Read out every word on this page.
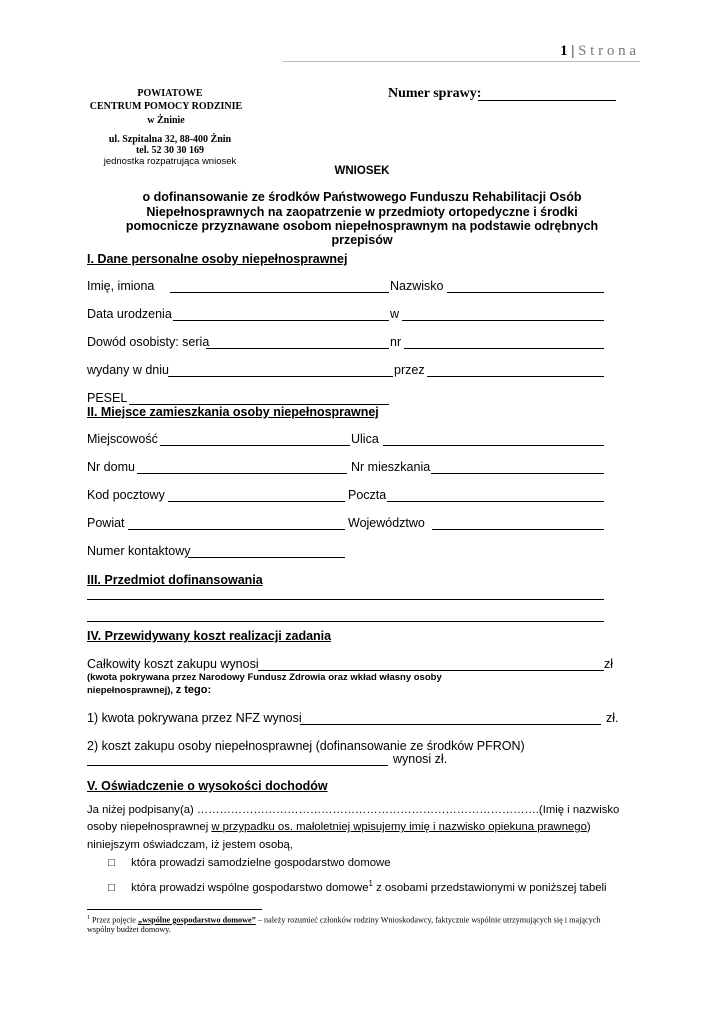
1 | S t r o n a
POWIATOWE
CENTRUM POMOCY RODZINIE
w Żninie
ul. Szpitalna 32, 88-400 Żnin
tel. 52 30 30 169
jednostka rozpatrująca wniosek
Numer sprawy:
WNIOSEK
o dofinansowanie ze środków Państwowego Funduszu Rehabilitacji Osób
Niepełnosprawnych na zaopatrzenie w przedmioty ortopedyczne i środki
pomocnicze przyznawane osobom niepełnosprawnym na podstawie odrębnych
przepisów
I. Dane personalne osoby niepełnosprawnej
Imię, imiona	Nazwisko
Data urodzenia	w
Dowód osobisty: seria	nr
wydany w dniu	przez
PESEL
II. Miejsce zamieszkania osoby niepełnosprawnej
Miejscowość	Ulica
Nr domu	Nr mieszkania
Kod pocztowy	Poczta
Powiat	Województwo
Numer kontaktowy
III. Przedmiot dofinansowania
IV. Przewidywany koszt realizacji zadania
Całkowity koszt zakupu wynosi	zł
(kwota pokrywana przez Narodowy Fundusz Zdrowia oraz wkład własny osoby
niepełnosprawnej), z tego:
1) kwota pokrywana przez NFZ wynosi	zł.
2) koszt zakupu osoby niepełnosprawnej (dofinansowanie ze środków PFRON)
wynosi zł.
V. Oświadczenie o wysokości dochodów
Ja niżej podpisany(a) ……………………………………………………………………………….(Imię i nazwisko
osoby niepełnosprawnej w przypadku os. małoletniej wpisujemy imię i nazwisko opiekuna prawnego)
niniejszym oświadczam, iż jestem osobą,
□ która prowadzi samodzielne gospodarstwo domowe
□ która prowadzi wspólne gospodarstwo domowe$^1$ z osobami przedstawionymi w poniższej tabeli
$^1$ Przez pojęcie „wspólne gospodarstwo domowe” – należy rozumieć członków rodziny Wnioskodawcy, faktycznie wspólnie utrzymujących się i mających
wspólny budżet domowy.
